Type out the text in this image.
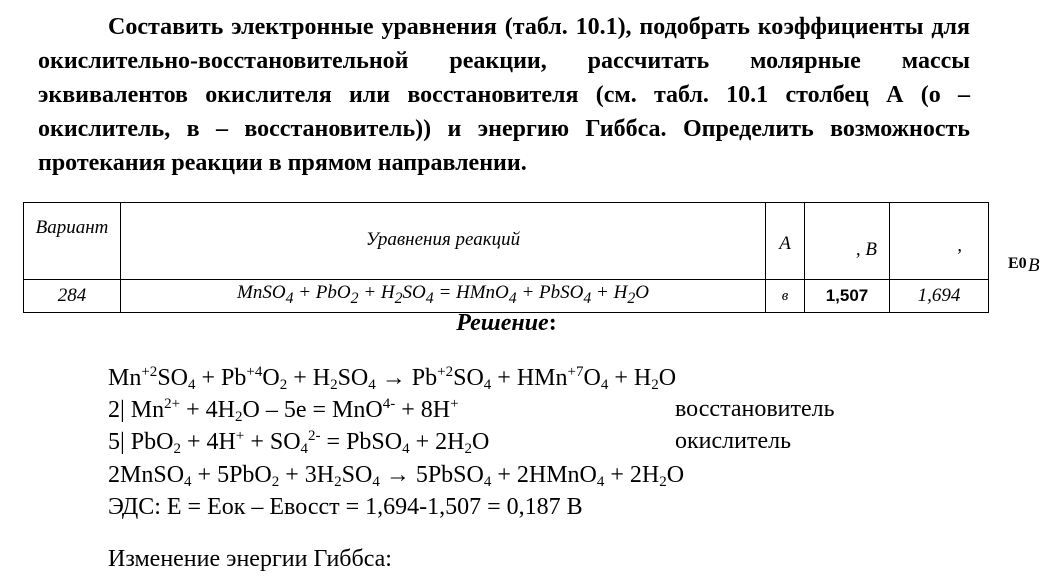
Составить электронные уравнения (табл. 10.1), подобрать коэффициенты для окислительно-восстановительной реакции, рассчитать молярные массы эквивалентов окислителя или восстановителя (см. табл. 10.1 столбец А (о – окислитель, в – восстановитель)) и энергию Гиббса. Определить возможность протекания реакции в прямом направлении.
Вариант	Уравнения реакций	А	, В	,
E0 В

284	MnSO$_4$ + $PbO_2 + H_2SO_4$ = HMnO$_4$ + PbSO$_4$ + $H_2O$	в	1,507	1,694
Решение:
$Mn^{+2}SO_4 + Pb^{+4}O_2 + H_2SO_4 \to Pb^{+2}SO_4 + HMn^{+7}O_4 + H_2O$
2| $Mn^{2+} + 4H_2O - 5e = MnO^{4-} + 8H^+$	восстановитель
5| $PbO_2 + 4H^+ + SO_4^{2-}$ = PbSO$_4$ + $2H_2O$	окислитель
2MnSO$_4$ + $5PbO_2 + 3H_2SO_4$ → 5PbSO$_4$ + 2HMnO$_4$ + $2H_2O$
ЭДС: Е = Еок – Евосст = 1,694-1,507 = 0,187 В
Изменение энергии Гиббса:
